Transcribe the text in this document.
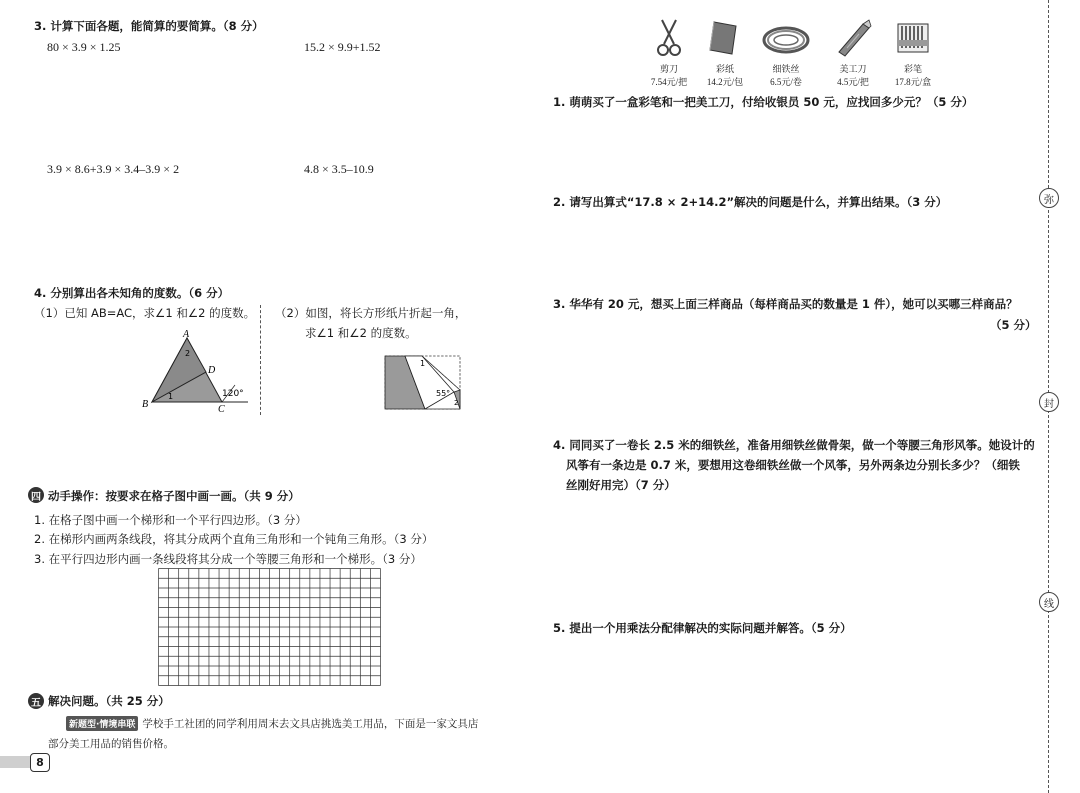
3. 计算下面各题，能简算的要简算。（8 分）
80 × 3.9 × 1.25	15.2 × 9.9+1.52
3.9 × 8.6+3.9 × 3.4–3.9 × 2	4.8 × 3.5–10.9
4. 分别算出各未知角的度数。（6 分）
（1）已知 AB=AC，求∠1 和∠2 的度数。 （2）如图，将长方形纸片折起一角，
求∠1 和∠2 的度数。
A
B	C
D
2
1	120°
1
55°
2
四 动手操作：按要求在格子图中画一画。（共 9 分）
1. 在格子图中画一个梯形和一个平行四边形。（3 分）
2. 在梯形内画两条线段，将其分成两个直角三角形和一个钝角三角形。（3 分）
3. 在平行四边形内画一条线段将其分成一个等腰三角形和一个梯形。（3 分）
五 解决问题。（共 25 分）
新题型·情境串联 学校手工社团的同学利用周末去文具店挑选美工用品，下面是一家文具店
部分美工用品的销售价格。
8
剪刀
7.54元/把
彩纸
14.2元/包
细铁丝
6.5元/卷
美工刀
4.5元/把
彩笔
17.8元/盒
1. 萌萌买了一盒彩笔和一把美工刀，付给收银员 50 元，应找回多少元？（5 分）
2. 请写出算式“17.8 × 2+14.2”解决的问题是什么，并算出结果。（3 分）
3. 华华有 20 元，想买上面三样商品（每样商品买的数量是 1 件），她可以买哪三样商品？
（5 分）
4. 同同买了一卷长 2.5 米的细铁丝，准备用细铁丝做骨架，做一个等腰三角形风筝。她设计的
风筝有一条边是 0.7 米，要想用这卷细铁丝做一个风筝，另外两条边分别长多少？（细铁
丝刚好用完）（7 分）
5. 提出一个用乘法分配律解决的实际问题并解答。（5 分）
弥
封
线
